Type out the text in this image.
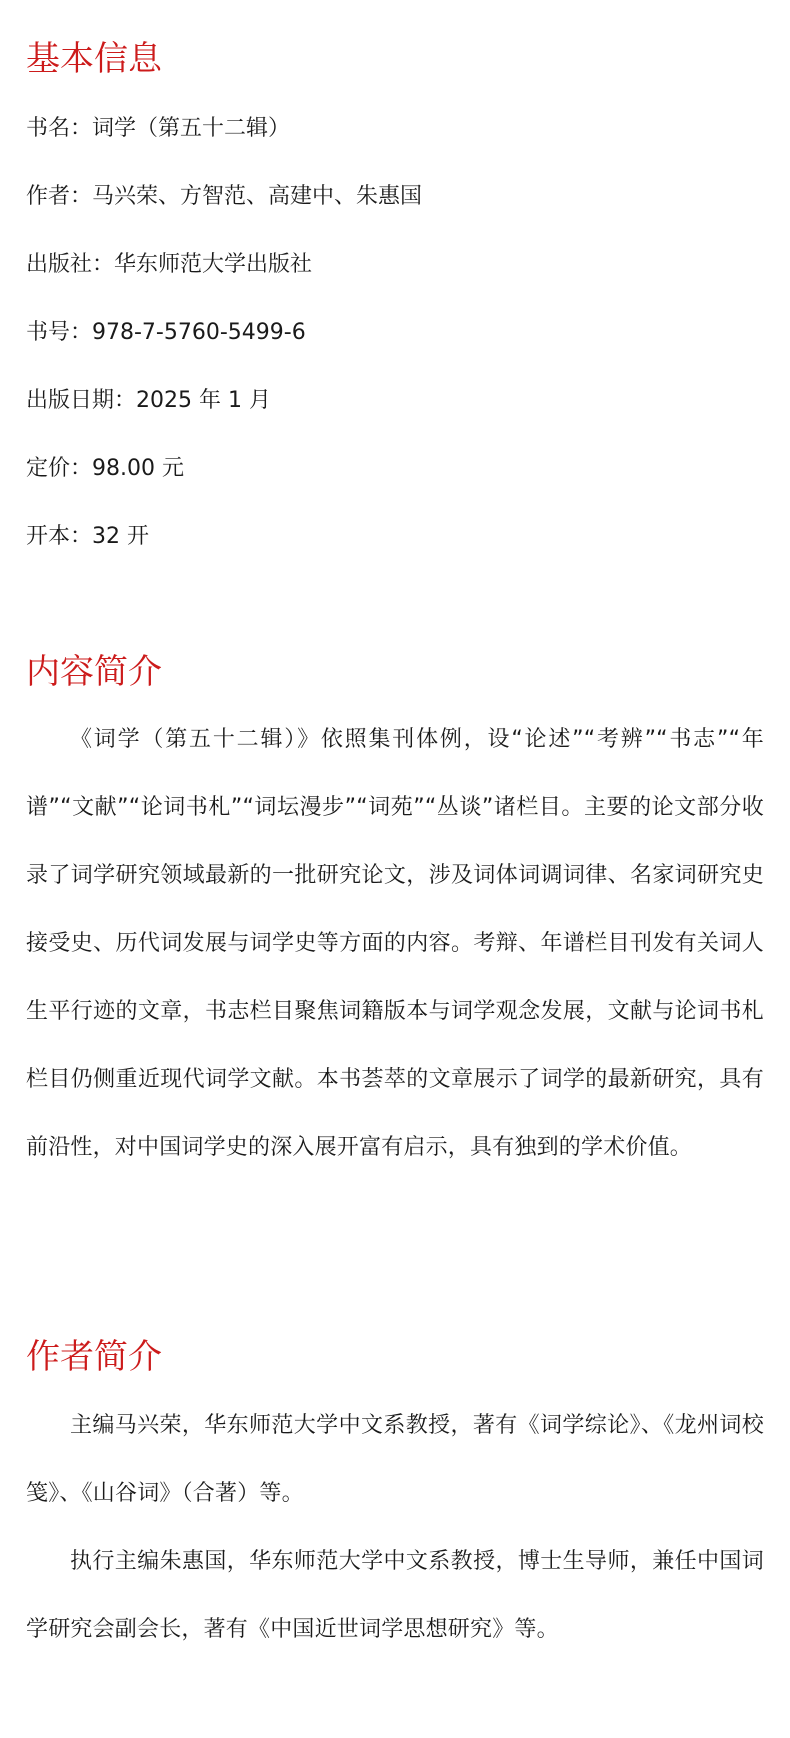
基本信息

书名：词学（第五十二辑）

作者：马兴荣、方智范、高建中、朱惠国

出版社：华东师范大学出版社

书号：978-7-5760-5499-6

出版日期：2025 年 1 月

定价：98.00 元

开本：32 开

内容简介

《词学（第五十二辑）》依照集刊体例，设“论述”“考辨”“书志”“年谱”“文献”“论词书札”“词坛漫步”“词苑”“丛谈”诸栏目。主要的论文部分收录了词学研究领域最新的一批研究论文，涉及词体词调词律、名家词研究史接受史、历代词发展与词学史等方面的内容。考辩、年谱栏目刊发有关词人生平行迹的文章，书志栏目聚焦词籍版本与词学观念发展，文献与论词书札栏目仍侧重近现代词学文献。本书荟萃的文章展示了词学的最新研究，具有前沿性，对中国词学史的深入展开富有启示，具有独到的学术价值。

作者简介

主编马兴荣，华东师范大学中文系教授，著有《词学综论》、《龙州词校笺》、《山谷词》（合著）等。

执行主编朱惠国，华东师范大学中文系教授，博士生导师，兼任中国词学研究会副会长，著有《中国近世词学思想研究》等。
